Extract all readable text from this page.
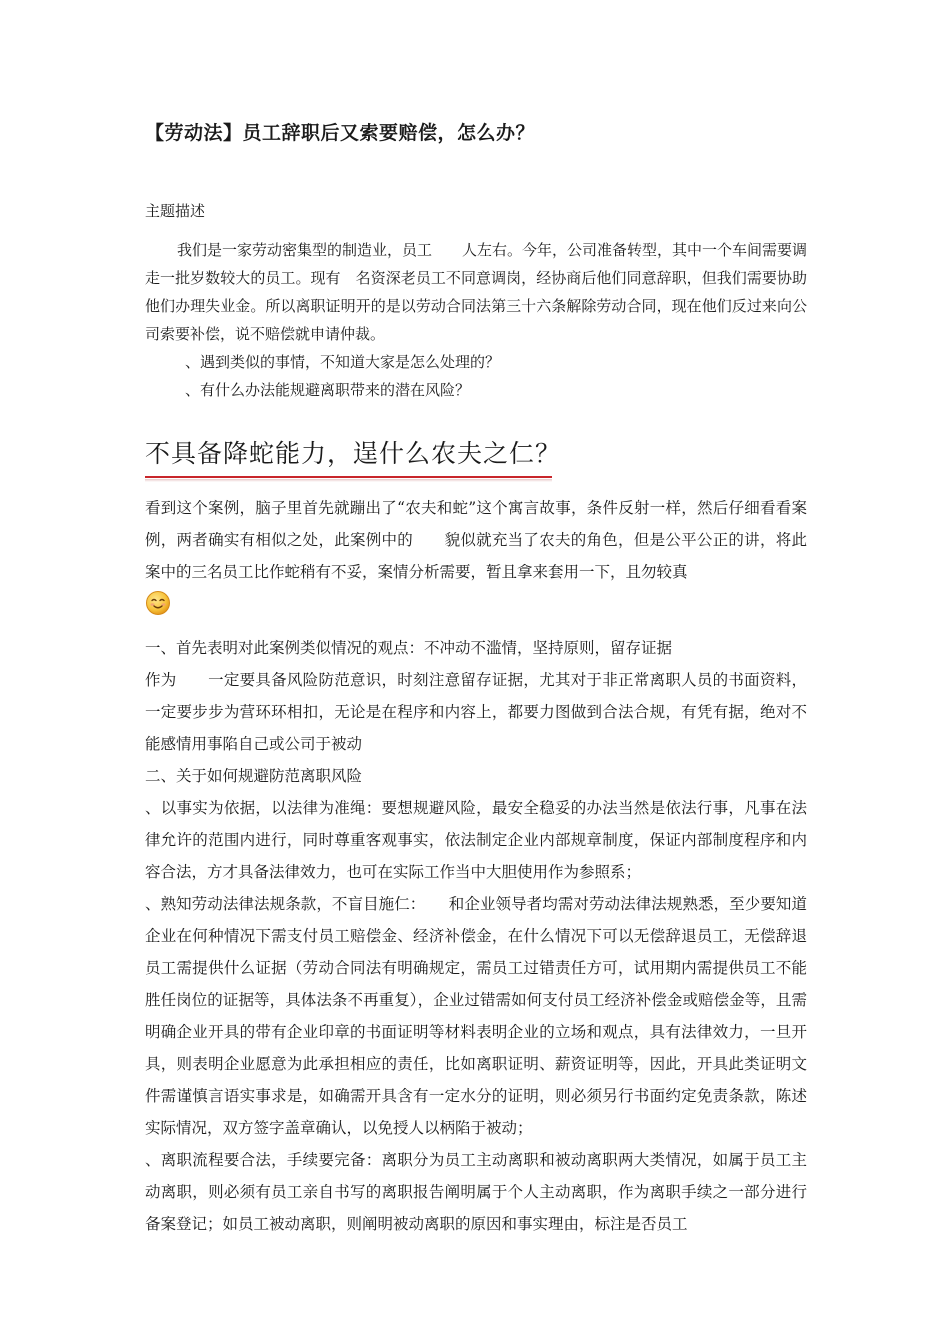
【劳动法】员工辞职后又索要赔偿，怎么办？
主题描述

我们是一家劳动密集型的制造业，员工　　人左右。今年，公司准备转型，其中一个车间需要调走一批岁数较大的员工。现有　名资深老员工不同意调岗，经协商后他们同意辞职，但我们需要协助他们办理失业金。所以离职证明开的是以劳动合同法第三十六条解除劳动合同，现在他们反过来向公司索要补偿，说不赔偿就申请仲裁。

、遇到类似的事情，不知道大家是怎么处理的？

、有什么办法能规避离职带来的潜在风险？

不具备降蛇能力，逞什么农夫之仁？

看到这个案例，脑子里首先就蹦出了“农夫和蛇”这个寓言故事，条件反射一样，然后仔细看看案例，两者确实有相似之处，此案例中的　　貌似就充当了农夫的角色，但是公平公正的讲，将此案中的三名员工比作蛇稍有不妥，案情分析需要，暂且拿来套用一下，且勿较真

一、首先表明对此案例类似情况的观点：不冲动不滥情，坚持原则，留存证据

作为　　一定要具备风险防范意识，时刻注意留存证据，尤其对于非正常离职人员的书面资料，一定要步步为营环环相扣，无论是在程序和内容上，都要力图做到合法合规，有凭有据，绝对不能感情用事陷自己或公司于被动

二、关于如何规避防范离职风险

、以事实为依据，以法律为准绳：要想规避风险，最安全稳妥的办法当然是依法行事，凡事在法律允许的范围内进行，同时尊重客观事实，依法制定企业内部规章制度，保证内部制度程序和内容合法，方才具备法律效力，也可在实际工作当中大胆使用作为参照系；

、熟知劳动法律法规条款，不盲目施仁：　　和企业领导者均需对劳动法律法规熟悉，至少要知道企业在何种情况下需支付员工赔偿金、经济补偿金，在什么情况下可以无偿辞退员工，无偿辞退员工需提供什么证据（劳动合同法有明确规定，需员工过错责任方可，试用期内需提供员工不能胜任岗位的证据等，具体法条不再重复），企业过错需如何支付员工经济补偿金或赔偿金等，且需明确企业开具的带有企业印章的书面证明等材料表明企业的立场和观点，具有法律效力，一旦开具，则表明企业愿意为此承担相应的责任，比如离职证明、薪资证明等，因此，开具此类证明文件需谨慎言语实事求是，如确需开具含有一定水分的证明，则必须另行书面约定免责条款，陈述实际情况，双方签字盖章确认，以免授人以柄陷于被动；

、离职流程要合法，手续要完备：离职分为员工主动离职和被动离职两大类情况，如属于员工主动离职，则必须有员工亲自书写的离职报告阐明属于个人主动离职，作为离职手续之一部分进行备案登记；如员工被动离职，则阐明被动离职的原因和事实理由，标注是否员工
